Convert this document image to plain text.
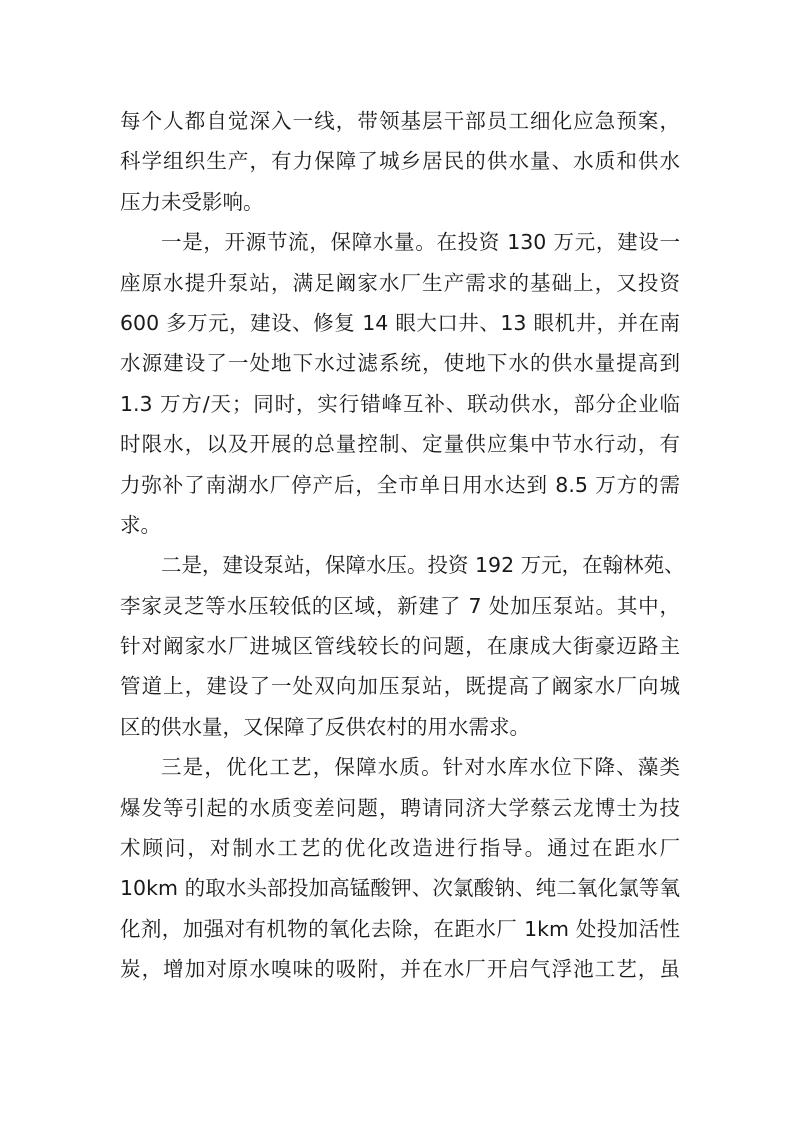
每个人都自觉深入一线，带领基层干部员工细化应急预案，
科学组织生产，有力保障了城乡居民的供水量、水质和供水
压力未受影响。
一是，开源节流，保障水量。在投资 130 万元，建设一
座原水提升泵站，满足阚家水厂生产需求的基础上，又投资
600 多万元，建设、修复 14 眼大口井、13 眼机井，并在南
水源建设了一处地下水过滤系统，使地下水的供水量提高到
1.3 万方/天；同时，实行错峰互补、联动供水，部分企业临
时限水，以及开展的总量控制、定量供应集中节水行动，有
力弥补了南湖水厂停产后，全市单日用水达到 8.5 万方的需
求。
二是，建设泵站，保障水压。投资 192 万元，在翰林苑、
李家灵芝等水压较低的区域，新建了 7 处加压泵站。其中，
针对阚家水厂进城区管线较长的问题，在康成大街豪迈路主
管道上，建设了一处双向加压泵站，既提高了阚家水厂向城
区的供水量，又保障了反供农村的用水需求。
三是，优化工艺，保障水质。针对水库水位下降、藻类
爆发等引起的水质变差问题，聘请同济大学蔡云龙博士为技
术顾问，对制水工艺的优化改造进行指导。通过在距水厂
10km 的取水头部投加高锰酸钾、次氯酸钠、纯二氧化氯等氧
化剂，加强对有机物的氧化去除，在距水厂 1km 处投加活性
炭，增加对原水嗅味的吸附，并在水厂开启气浮池工艺，虽
